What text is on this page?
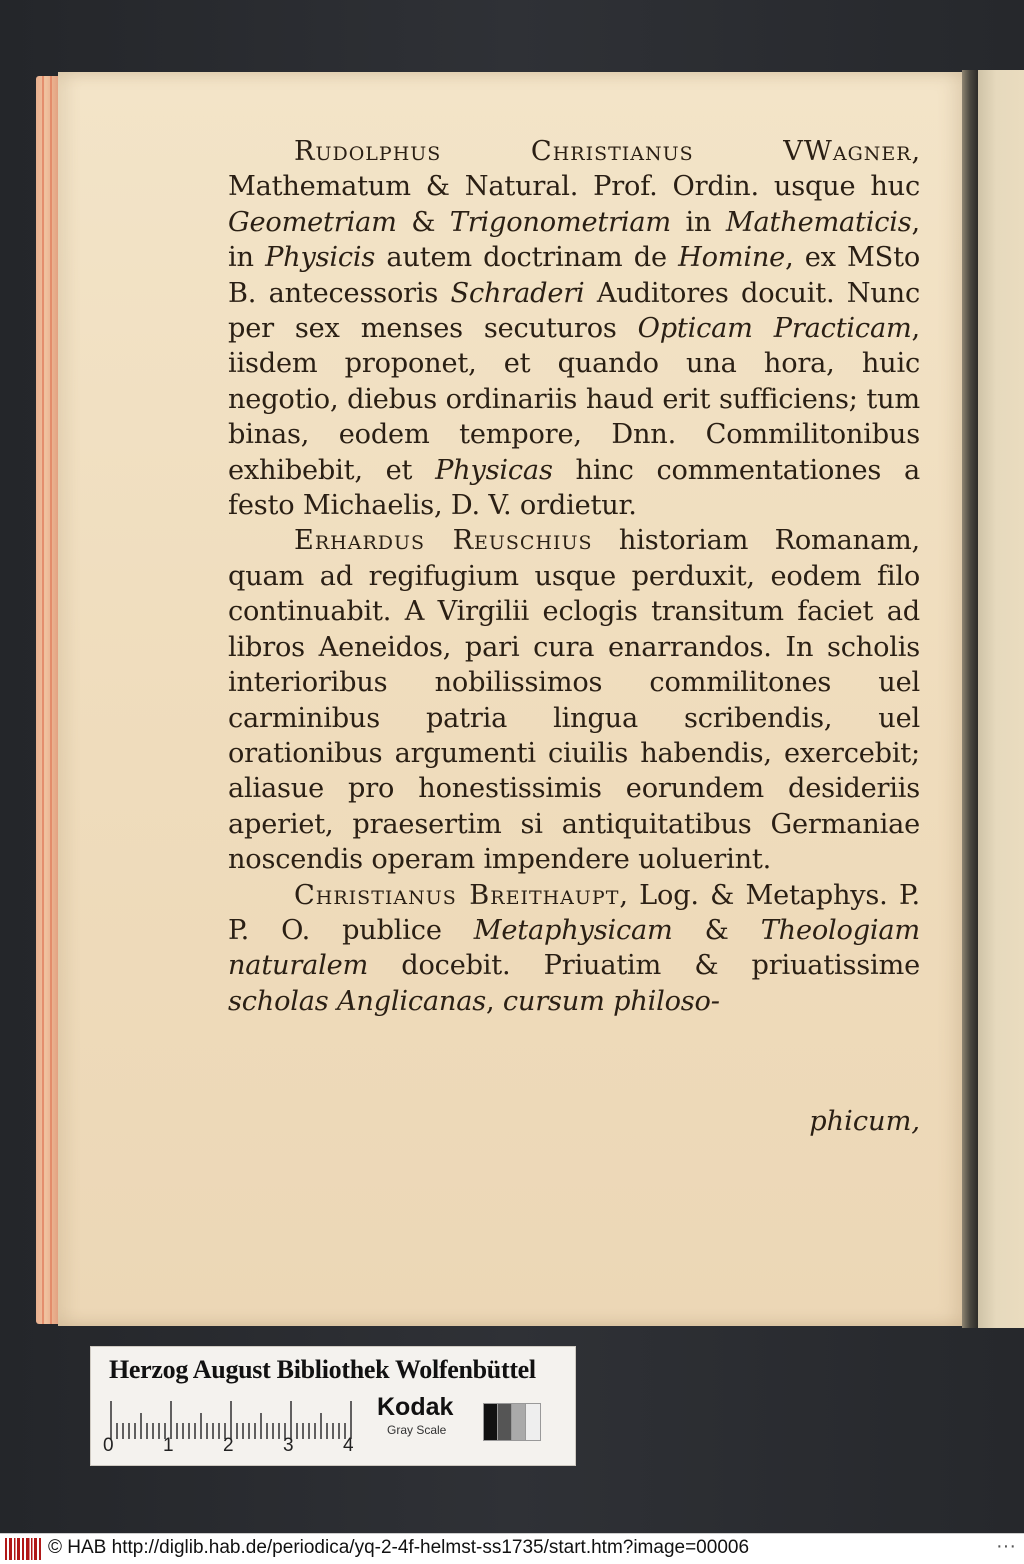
Rudolphus Christianus VWagner, Mathematum & Natural. Prof. Ordin. usque huc Geometriam & Trigonometriam in Mathematicis, in Physicis autem doctrinam de Homine, ex MSto B. antecessoris Schraderi Auditores docuit. Nunc per sex menses secuturos Opticam Practicam, iisdem proponet, et quando una hora, huic negotio, diebus ordinariis haud erit sufficiens; tum binas, eodem tempore, Dnn. Commilitonibus exhibebit, et Physicas hinc commentationes a festo Michaelis, D. V. ordietur.

Erhardus Reuschius historiam Romanam, quam ad regifugium usque perduxit, eodem filo continuabit. A Virgilii eclogis transitum faciet ad libros Aeneidos, pari cura enarrandos. In scholis interioribus nobilissimos commilitones uel carminibus patria lingua scribendis, uel orationibus argumenti ciuilis habendis, exercebit; aliasue pro honestissimis eorundem desideriis aperiet, praesertim si antiquitatibus Germaniae noscendis operam impendere uoluerint.

Christianus Breithaupt, Log. & Metaphys. P. P. O. publice Metaphysicam & Theologiam naturalem docebit. Priuatim & priuatissime scholas Anglicanas, cursum philoso-

phicum,
Herzog August Bibliothek Wolfenbüttel
0	1	2	3	4
Kodak
Gray Scale
© HAB http://diglib.hab.de/periodica/yq-2-4f-helmst-ss1735/start.htm?image=00006	···
